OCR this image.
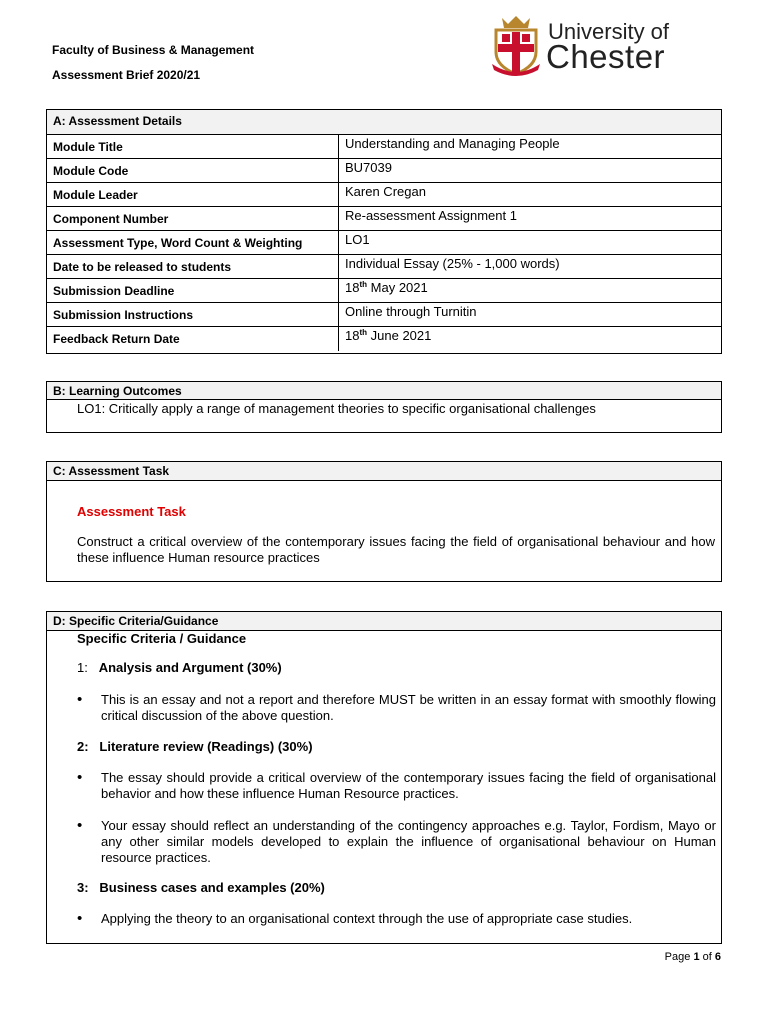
Faculty of Business & Management
Assessment Brief 2020/21
University of
Chester
A: Assessment Details
Module Title	Understanding and Managing People
Module Code	BU7039
Module Leader	Karen Cregan
Component Number	Re-assessment Assignment 1
Assessment Type, Word Count & Weighting	LO1
Date to be released to students	Individual Essay (25% - 1,000 words)
Submission Deadline	18th May 2021
Submission Instructions	Online through Turnitin
Feedback Return Date	18th June 2021
B: Learning Outcomes
LO1: Critically apply a range of management theories to specific organisational challenges
C: Assessment Task
Assessment Task
Construct a critical overview of the contemporary issues facing the field of organisational behaviour and how these influence Human resource practices
D: Specific Criteria/Guidance
Specific Criteria / Guidance
1: Analysis and Argument (30%)
• This is an essay and not a report and therefore MUST be written in an essay format with smoothly flowing critical discussion of the above question.
2: Literature review (Readings) (30%)
• The essay should provide a critical overview of the contemporary issues facing the field of organisational behavior and how these influence Human Resource practices.
• Your essay should reflect an understanding of the contingency approaches e.g. Taylor, Fordism, Mayo or any other similar models developed to explain the influence of organisational behaviour on Human resource practices.
3: Business cases and examples (20%)
• Applying the theory to an organisational context through the use of appropriate case studies.
Page 1 of 6
